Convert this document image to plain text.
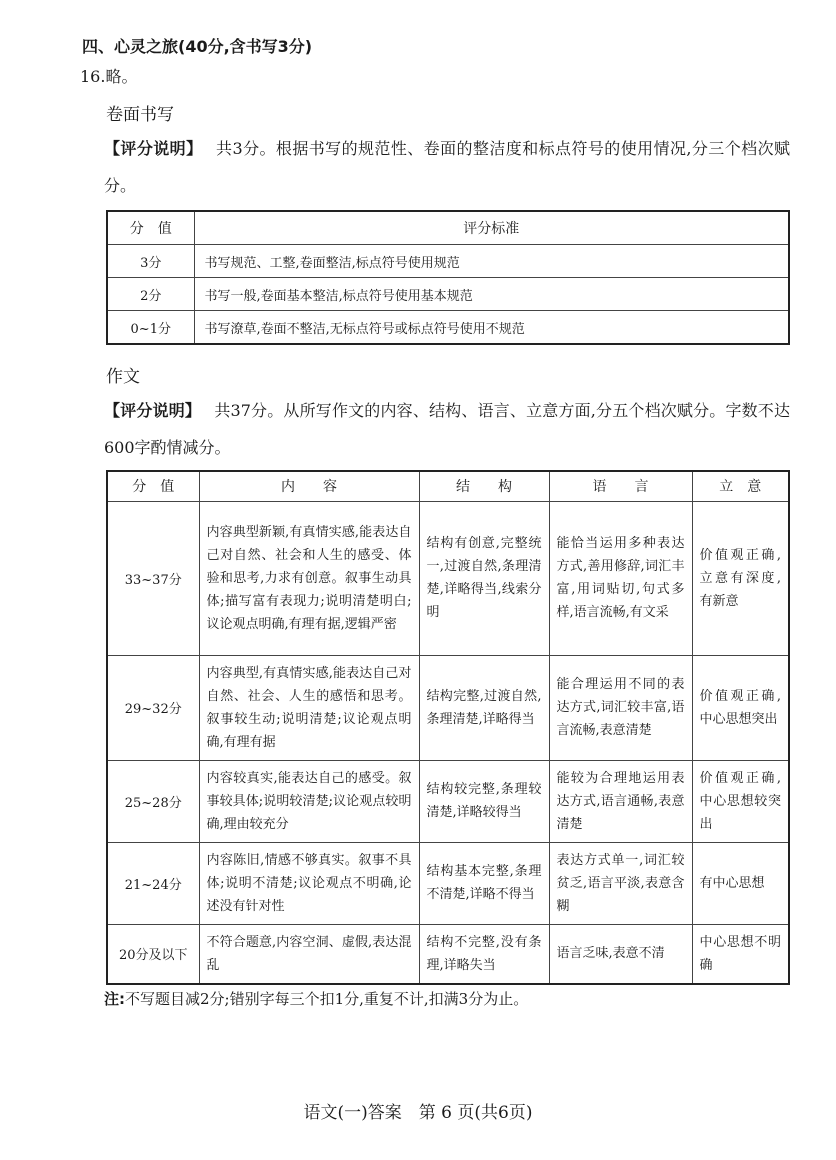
四、心灵之旅(40分,含书写3分)
16.略。
卷面书写
【评分说明】 共3分。根据书写的规范性、卷面的整洁度和标点符号的使用情况,分三个档次赋分。
分　值	评分标准
3分	书写规范、工整,卷面整洁,标点符号使用规范
2分	书写一般,卷面基本整洁,标点符号使用基本规范
0~1分	书写潦草,卷面不整洁,无标点符号或标点符号使用不规范
作文
【评分说明】 共37分。从所写作文的内容、结构、语言、立意方面,分五个档次赋分。字数不达600字酌情减分。
分　值	内　　容	结　　构	语　　言	立　意
33~37分	内容典型新颖,有真情实感,能表达自己对自然、社会和人生的感受、体验和思考,力求有创意。叙事生动具体;描写富有表现力;说明清楚明白;议论观点明确,有理有据,逻辑严密	结构有创意,完整统一,过渡自然,条理清楚,详略得当,线索分明	能恰当运用多种表达方式,善用修辞,词汇丰富,用词贴切,句式多样,语言流畅,有文采	价值观正确,立意有深度,有新意

29~32分	内容典型,有真情实感,能表达自己对自然、社会、人生的感悟和思考。叙事较生动;说明清楚;议论观点明确,有理有据	结构完整,过渡自然,条理清楚,详略得当	能合理运用不同的表达方式,词汇较丰富,语言流畅,表意清楚	价值观正确,中心思想突出

25~28分	内容较真实,能表达自己的感受。叙事较具体;说明较清楚;议论观点较明确,理由较充分	结构较完整,条理较清楚,详略较得当	能较为合理地运用表达方式,语言通畅,表意清楚	价值观正确,中心思想较突出

21~24分	内容陈旧,情感不够真实。叙事不具体;说明不清楚;议论观点不明确,论述没有针对性	结构基本完整,条理不清楚,详略不得当	表达方式单一,词汇较贫乏,语言平淡,表意含糊	有中心思想

20分及以下	不符合题意,内容空洞、虚假,表达混乱	结构不完整,没有条理,详略失当	语言乏味,表意不清	中心思想不明确
注:不写题目减2分;错别字每三个扣1分,重复不计,扣满3分为止。
语文(一)答案　第 6 页(共6页)
